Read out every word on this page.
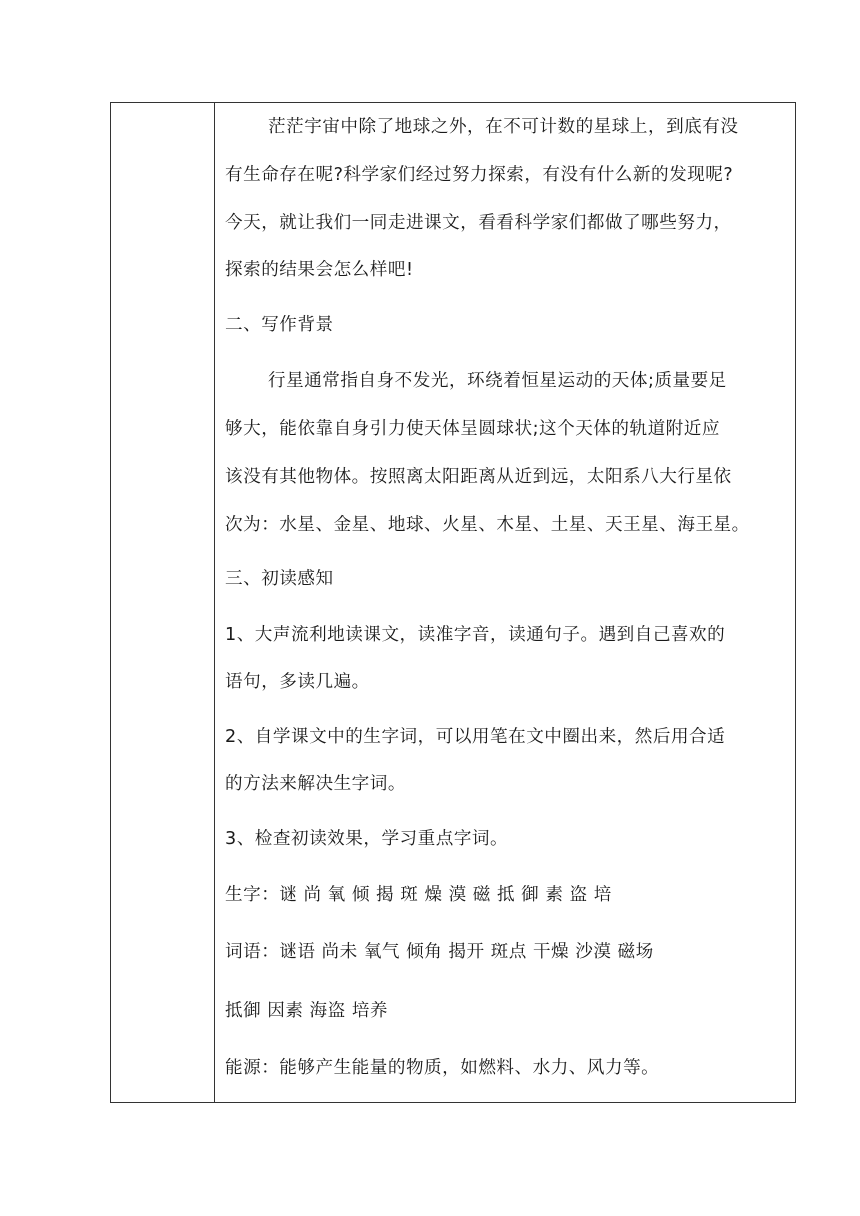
茫茫宇宙中除了地球之外，在不可计数的星球上，到底有没
有生命存在呢?科学家们经过努力探索，有没有什么新的发现呢?
今天，就让我们一同走进课文，看看科学家们都做了哪些努力，
探索的结果会怎么样吧!
二、写作背景
行星通常指自身不发光，环绕着恒星运动的天体;质量要足
够大，能依靠自身引力使天体呈圆球状;这个天体的轨道附近应
该没有其他物体。按照离太阳距离从近到远，太阳系八大行星依
次为：水星、金星、地球、火星、木星、土星、天王星、海王星。
三、初读感知
1、大声流利地读课文，读准字音，读通句子。遇到自己喜欢的
语句，多读几遍。
2、自学课文中的生字词，可以用笔在文中圈出来，然后用合适
的方法来解决生字词。
3、检查初读效果，学习重点字词。
生字：谜 尚 氧 倾 揭 斑 燥 漠 磁 抵 御 素 盗 培
词语：谜语 尚未 氧气 倾角 揭开 斑点 干燥 沙漠 磁场
抵御 因素 海盗 培养
能源：能够产生能量的物质，如燃料、水力、风力等。
